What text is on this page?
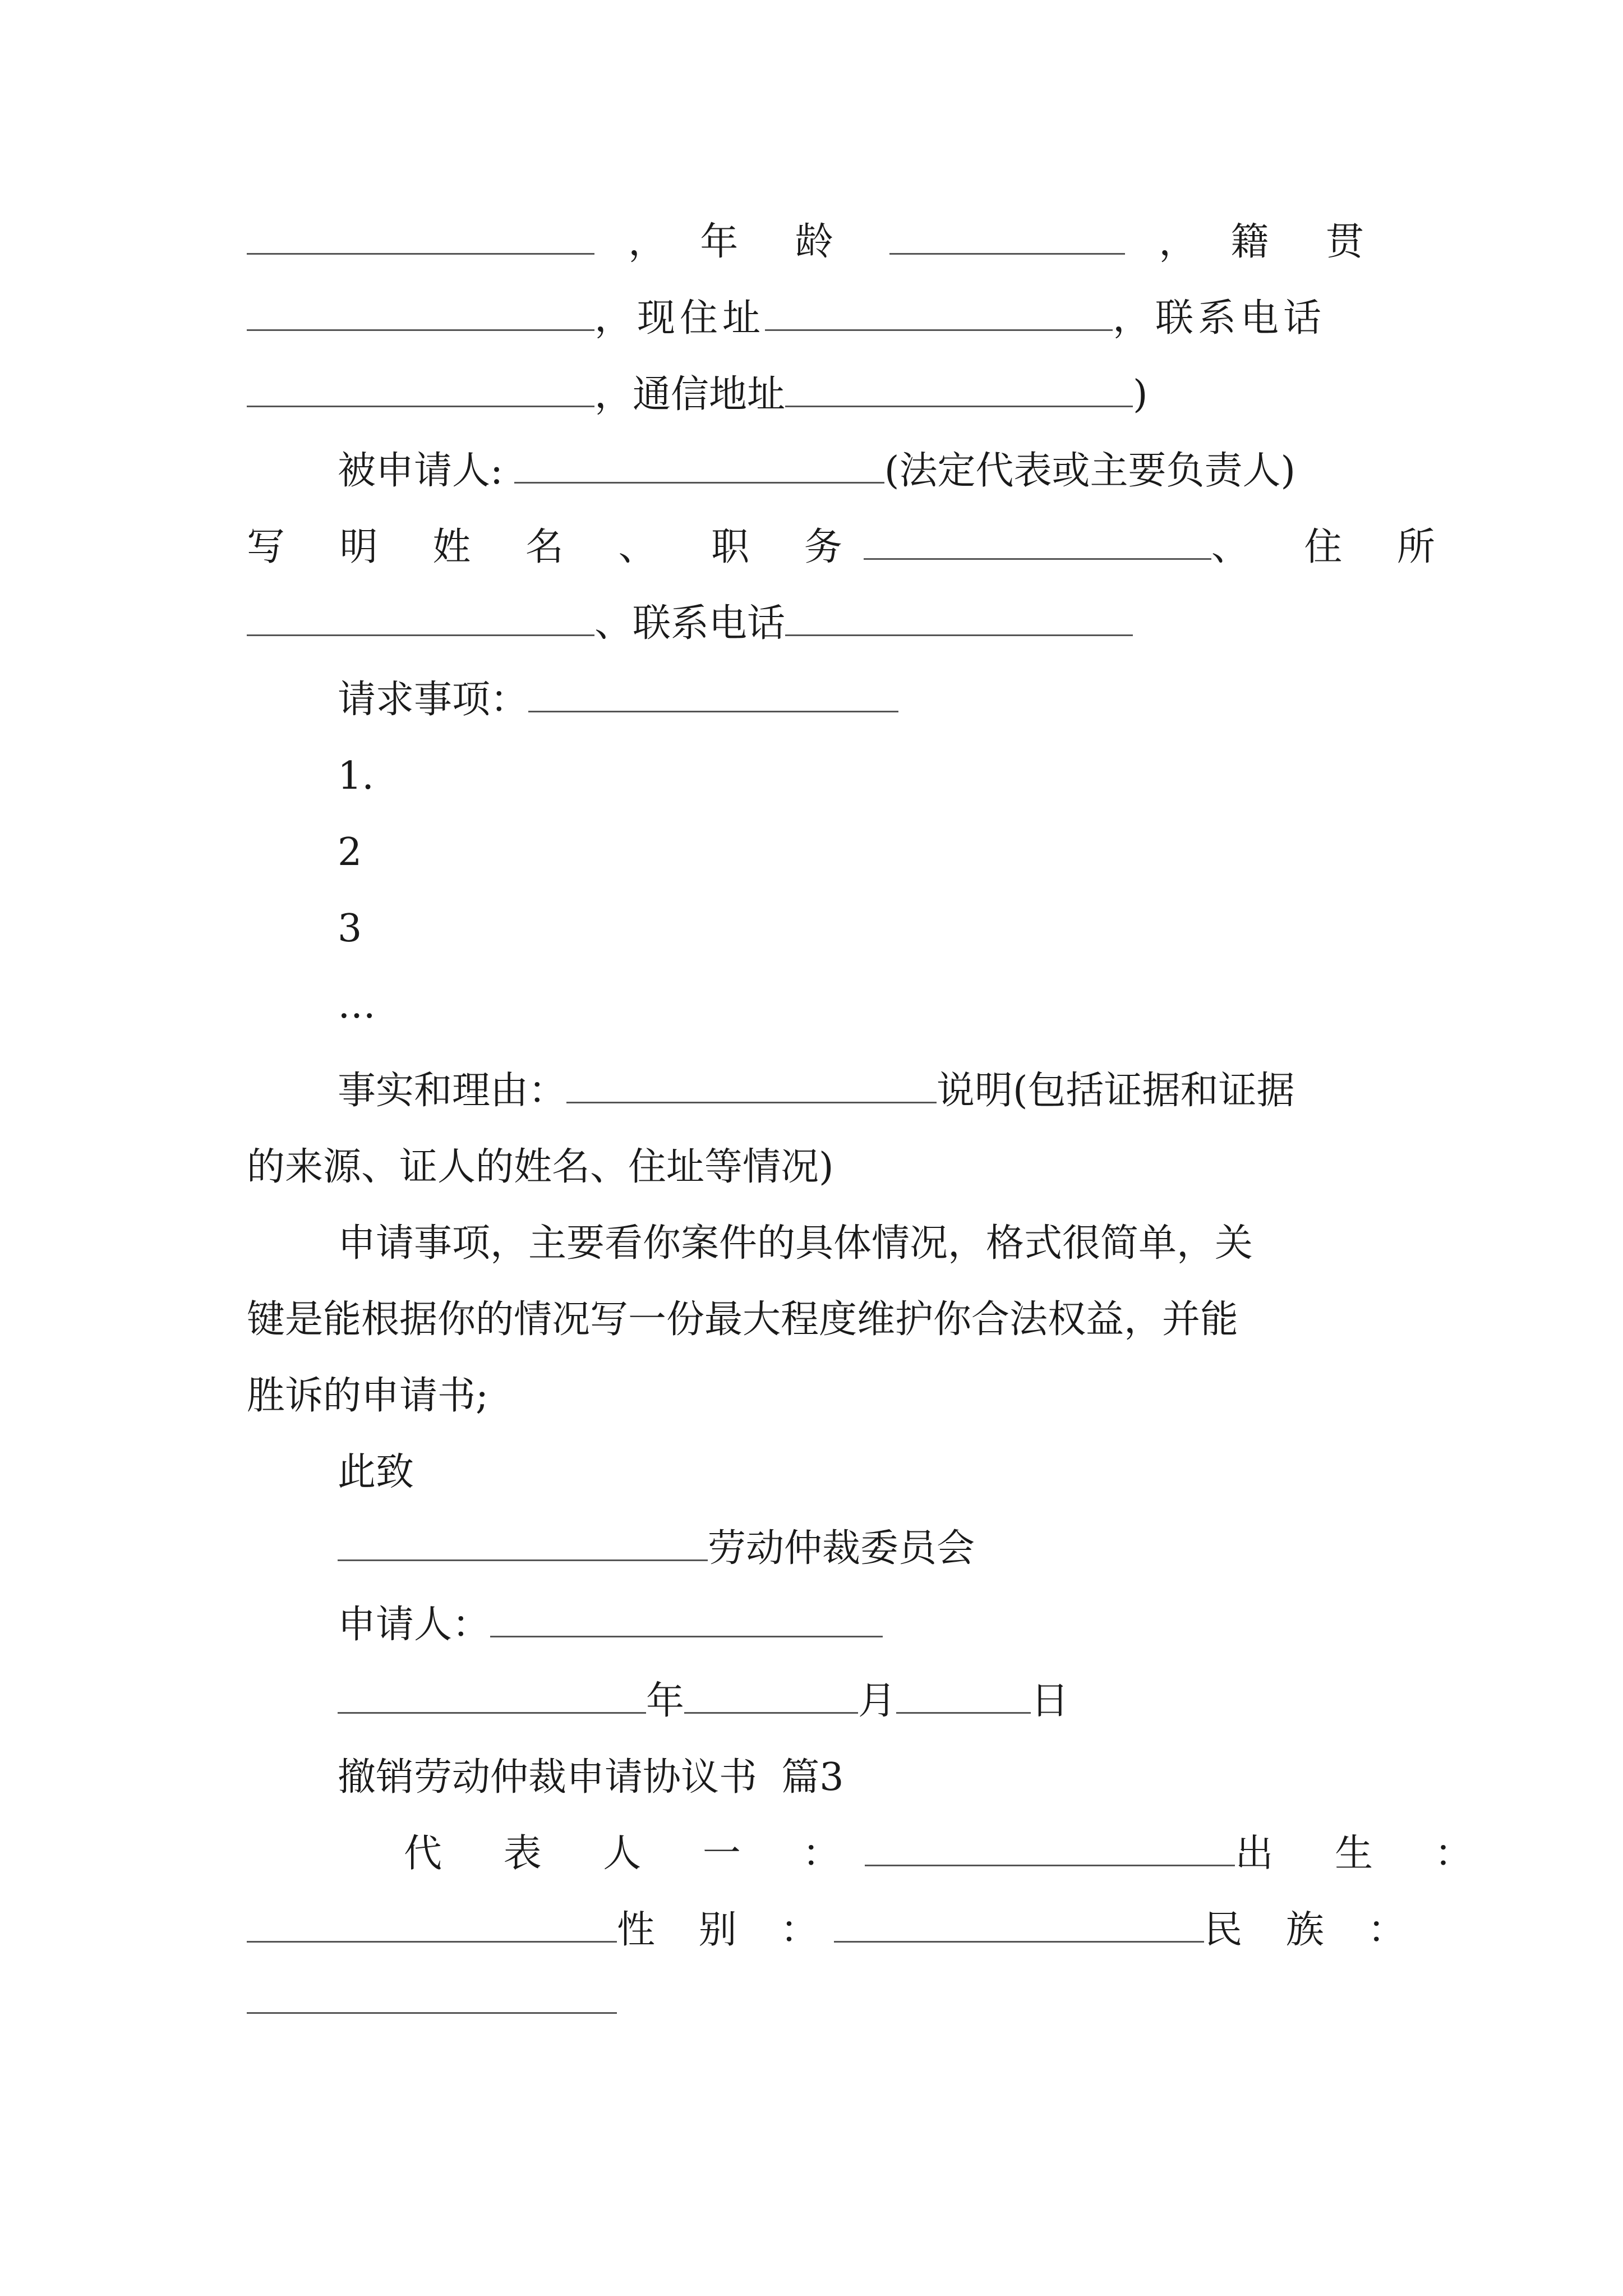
， 年 龄	， 籍 贯
，现住址	，联系电话
，通信地址	)
被申请人:	(法定代表或主要负责人)
写 明 姓 名 、 职 务	、 住 所
、联系电话
请求事项：
1.
2
3
…
事实和理由：	说明(包括证据和证据
的来源、证人的姓名、住址等情况)
申请事项，主要看你案件的具体情况，格式很简单，关
键是能根据你的情况写一份最大程度维护你合法权益，并能
胜诉的申请书;
此致
劳动仲裁委员会
申请人：
年	月	日
撤销劳动仲裁申请协议书  篇3
代 表 人 一 ：	出 生 ：
性 别 ：	民 族 ：
